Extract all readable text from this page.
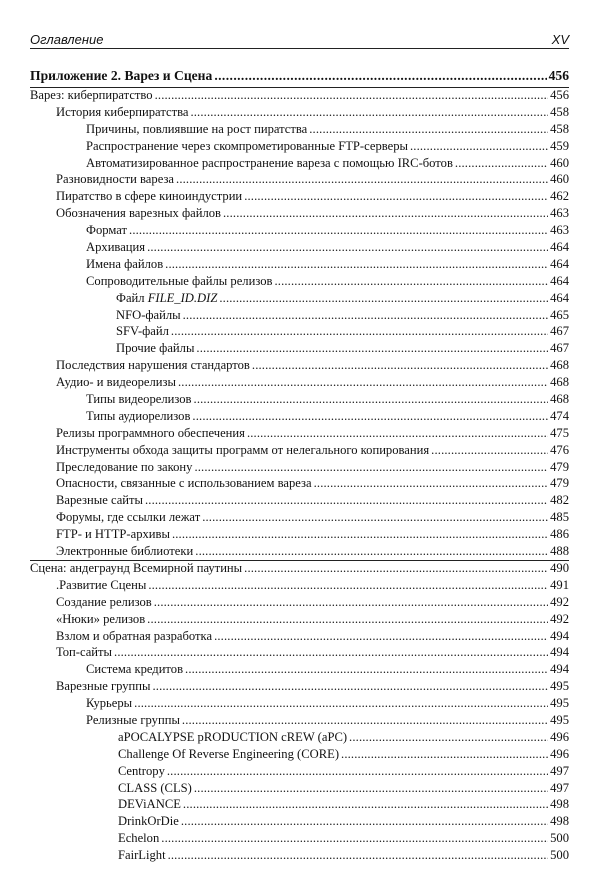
Оглавление	XV
Приложение 2. Варез и Сцена . . .	456
Варез: киберпиратство . . .	456
История киберпиратства . . .	458
Причины, повлиявшие на рост пиратства . . .	458
Распространение через скомпрометированные FTP-серверы . . .	459
Автоматизированное распространение вареза с помощью IRC-ботов . . .	460
Разновидности вареза . . .	460
Пиратство в сфере киноиндустрии . . .	462
Обозначения варезных файлов . . .	463
Формат . . .	463
Архивация . . .	464
Имена файлов . . .	464
Сопроводительные файлы релизов . . .	464
Файл FILE_ID.DIZ . . .	464
NFO-файлы . . .	465
SFV-файл . . .	467
Прочие файлы . . .	467
Последствия нарушения стандартов . . .	468
Аудио- и видеорелизы . . .	468
Типы видеорелизов . . .	468
Типы аудиорелизов . . .	474
Релизы программного обеспечения . . .	475
Инструменты обхода защиты программ от нелегального копирования . . .	476
Преследование по закону . . .	479
Опасности, связанные с использованием вареза . . .	479
Варезные сайты . . .	482
Форумы, где ссылки лежат . . .	485
FTP- и HTTP-архивы . . .	486
Электронные библиотеки . . .	488
Сцена: андеграунд Всемирной паутины . . .	490
.Развитие Сцены . . .	491
Создание релизов . . .	492
«Нюки» релизов . . .	492
Взлом и обратная разработка . . .	494
Топ-сайты . . .	494
Система кредитов . . .	494
Варезные группы . . .	495
Курьеры . . .	495
Релизные группы . . .	495
aPOCALYPSE pRODUCTION cREW (aPC) . . .	496
Challenge Of Reverse Engineering (CORE) . . .	496
Centropy . . .	497
CLASS (CLS) . . .	497
DEViANCE . . .	498
DrinkOrDie . . .	498
Echelon . . .	500
FairLight . . .	500
